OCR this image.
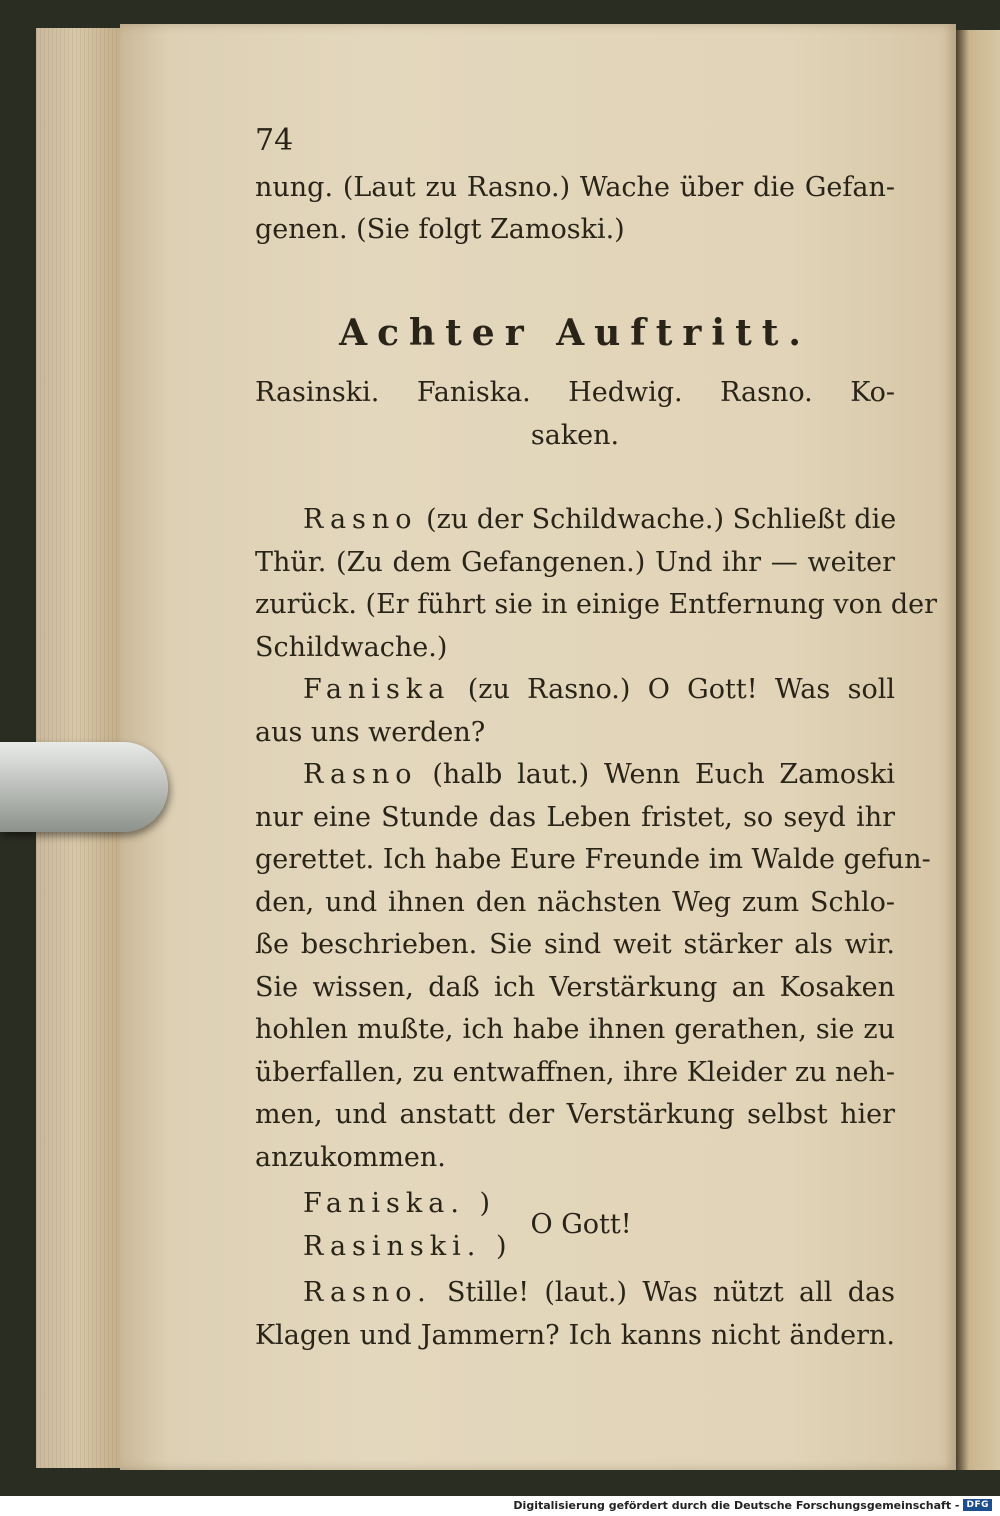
74
nung. (Laut zu Rasno.) Wache über die Gefan-
genen. (Sie folgt Zamoski.)
Achter Auftritt.
Rasinski. Faniska. Hedwig. Rasno. Ko-
saken.
Rasno (zu der Schildwache.) Schließt die
Thür. (Zu dem Gefangenen.) Und ihr — weiter
zurück. (Er führt sie in einige Entfernung von der
Schildwache.)
Faniska (zu Rasno.) O Gott! Was soll
aus uns werden?
Rasno (halb laut.) Wenn Euch Zamoski
nur eine Stunde das Leben fristet, so seyd ihr
gerettet. Ich habe Eure Freunde im Walde gefun-
den, und ihnen den nächsten Weg zum Schlo-
ße beschrieben. Sie sind weit stärker als wir.
Sie wissen, daß ich Verstärkung an Kosaken
hohlen mußte, ich habe ihnen gerathen, sie zu
überfallen, zu entwaffnen, ihre Kleider zu neh-
men, und anstatt der Verstärkung selbst hier
anzukommen.
Faniska. )
Rasinski. )
O Gott!
Rasno. Stille! (laut.) Was nützt all das
Klagen und Jammern? Ich kanns nicht ändern.
Digitalisierung gefördert durch die Deutsche Forschungsgemeinschaft - DFG
